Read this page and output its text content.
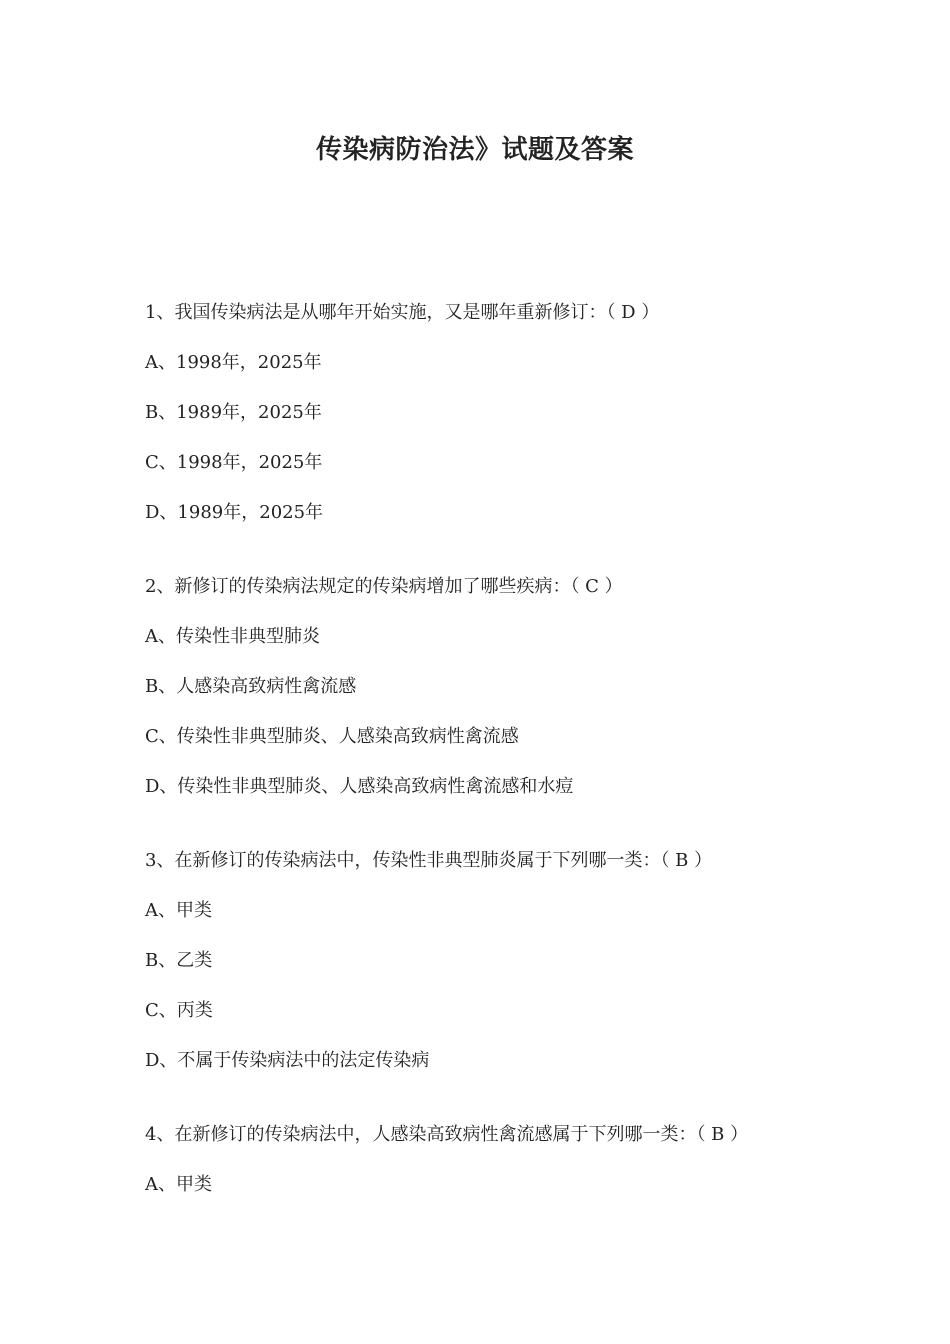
传染病防治法》试题及答案

1、我国传染病法是从哪年开始实施，又是哪年重新修订：（ D ）

A、1998年，2025年

B、1989年，2025年

C、1998年，2025年

D、1989年，2025年

2、新修订的传染病法规定的传染病增加了哪些疾病：（ C ）

A、传染性非典型肺炎

B、人感染高致病性禽流感

C、传染性非典型肺炎、人感染高致病性禽流感

D、传染性非典型肺炎、人感染高致病性禽流感和水痘

3、在新修订的传染病法中，传染性非典型肺炎属于下列哪一类：（ B ）

A、甲类

B、乙类

C、丙类

D、不属于传染病法中的法定传染病

4、在新修订的传染病法中，人感染高致病性禽流感属于下列哪一类：（ B ）

A、甲类
